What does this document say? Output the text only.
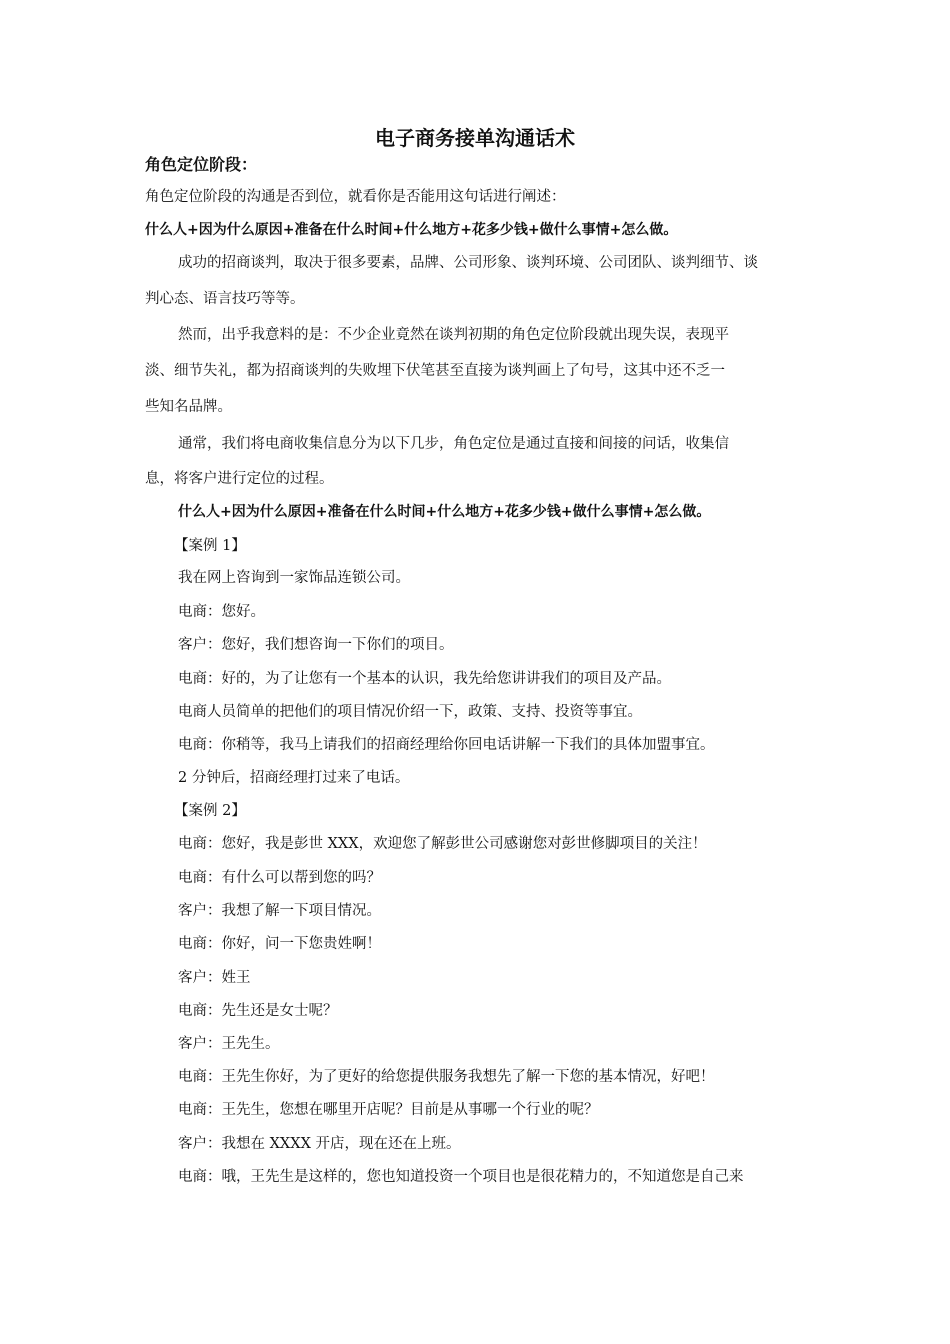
电子商务接单沟通话术
角色定位阶段：
角色定位阶段的沟通是否到位，就看你是否能用这句话进行阐述：
什么人+因为什么原因+准备在什么时间+什么地方+花多少钱+做什么事情+怎么做。
成功的招商谈判，取决于很多要素，品牌、公司形象、谈判环境、公司团队、谈判细节、谈
判心态、语言技巧等等。
然而，出乎我意料的是：不少企业竟然在谈判初期的角色定位阶段就出现失误，表现平
淡、细节失礼，都为招商谈判的失败埋下伏笔甚至直接为谈判画上了句号，这其中还不乏一
些知名品牌。
通常，我们将电商收集信息分为以下几步，角色定位是通过直接和间接的问话，收集信
息，将客户进行定位的过程。
什么人+因为什么原因+准备在什么时间+什么地方+花多少钱+做什么事情+怎么做。
【案例 1】
我在网上咨询到一家饰品连锁公司。
电商：您好。
客户：您好，我们想咨询一下你们的项目。
电商：好的，为了让您有一个基本的认识，我先给您讲讲我们的项目及产品。
电商人员简单的把他们的项目情况价绍一下，政策、支持、投资等事宜。
电商：你稍等，我马上请我们的招商经理给你回电话讲解一下我们的具体加盟事宜。
2 分钟后，招商经理打过来了电话。
【案例 2】
电商：您好，我是彭世 XXX，欢迎您了解彭世公司感谢您对彭世修脚项目的关注！
电商：有什么可以帮到您的吗？
客户：我想了解一下项目情况。
电商：你好，问一下您贵姓啊！
客户：姓王
电商：先生还是女士呢？
客户：王先生。
电商：王先生你好，为了更好的给您提供服务我想先了解一下您的基本情况，好吧！
电商：王先生，您想在哪里开店呢？目前是从事哪一个行业的呢？
客户：我想在 XXXX 开店，现在还在上班。
电商：哦，王先生是这样的，您也知道投资一个项目也是很花精力的，不知道您是自己来
